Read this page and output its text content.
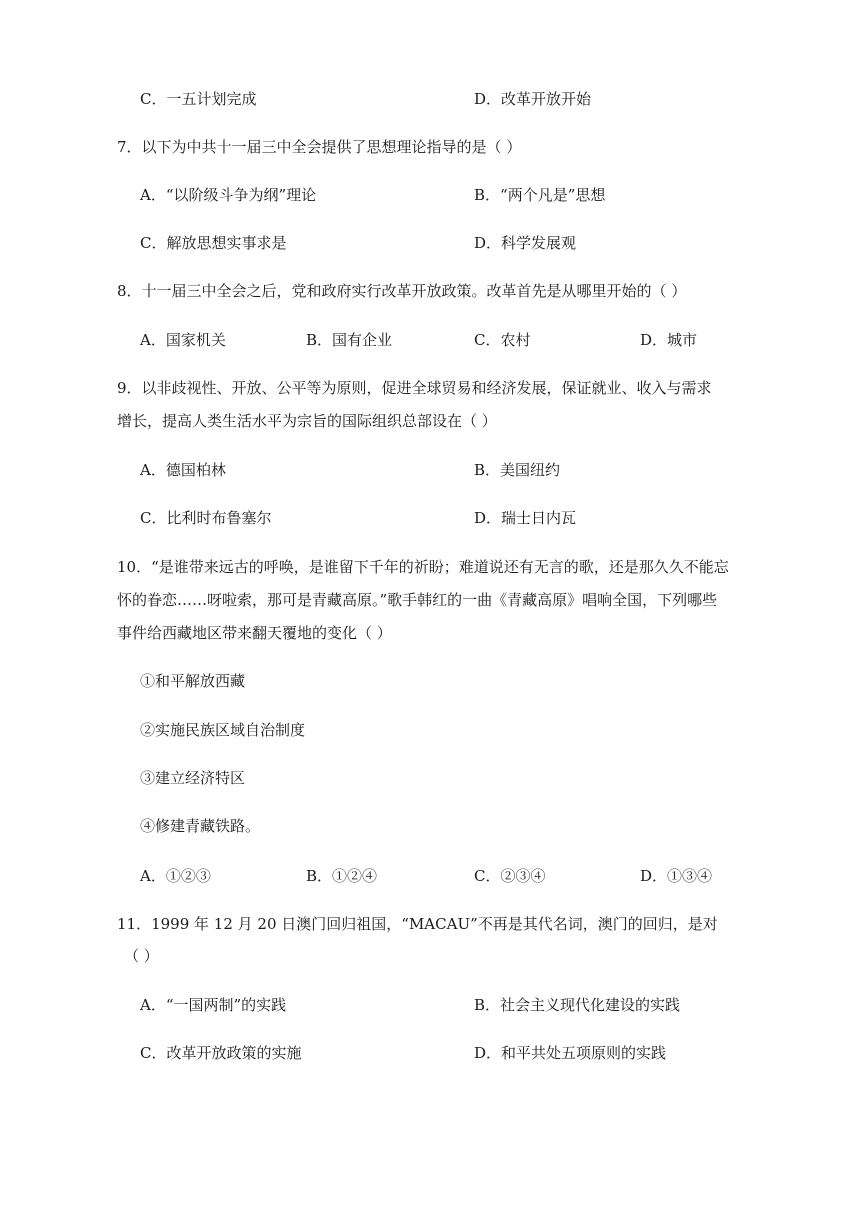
C．一五计划完成	D．改革开放开始
7．以下为中共十一届三中全会提供了思想理论指导的是（ ）
A．“以阶级斗争为纲”理论	B．“两个凡是”思想
C．解放思想实事求是	D．科学发展观
8．十一届三中全会之后，党和政府实行改革开放政策。改革首先是从哪里开始的（ ）
A．国家机关	B．国有企业	C．农村	D．城市
9．以非歧视性、开放、公平等为原则，促进全球贸易和经济发展，保证就业、收入与需求
增长，提高人类生活水平为宗旨的国际组织总部设在（ ）
A．德国柏林	B．美国纽约
C．比利时布鲁塞尔	D．瑞士日内瓦
10．“是谁带来远古的呼唤，是谁留下千年的祈盼；难道说还有无言的歌，还是那久久不能忘
怀的眷恋……呀啦索，那可是青藏高原。”歌手韩红的一曲《青藏高原》唱响全国，下列哪些
事件给西藏地区带来翻天覆地的变化（ ）
①和平解放西藏
②实施民族区域自治制度
③建立经济特区
④修建青藏铁路。
A．①②③	B．①②④	C．②③④	D．①③④
11．1999 年 12 月 20 日澳门回归祖国，“MACAU”不再是其代名词，澳门的回归，是对
（ ）
A．“一国两制”的实践	B．社会主义现代化建设的实践
C．改革开放政策的实施	D．和平共处五项原则的实践
